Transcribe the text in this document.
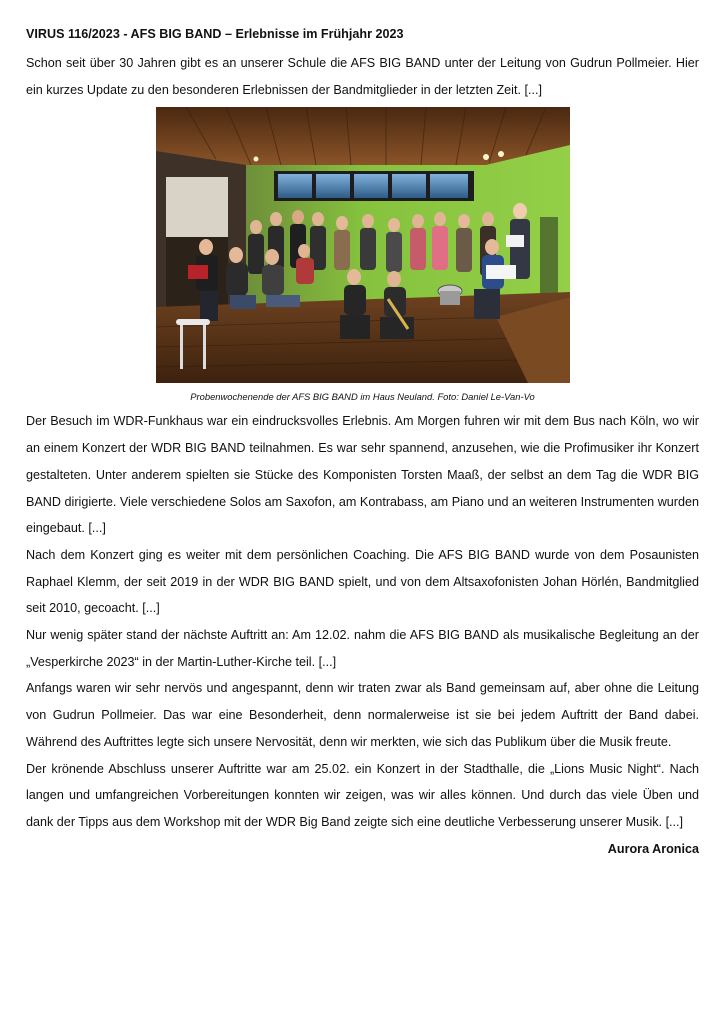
VIRUS 116/2023 - AFS BIG BAND – Erlebnisse im Frühjahr 2023

Schon seit über 30 Jahren gibt es an unserer Schule die AFS BIG BAND unter der Leitung von Gudrun Pollmeier. Hier ein kurzes Update zu den besonderen Erlebnissen der Bandmitglieder in der letzten Zeit. [...]

Probenwochenende der AFS BIG BAND im Haus Neuland. Foto: Daniel Le-Van-Vo

Der Besuch im WDR-Funkhaus war ein eindrucksvolles Erlebnis. Am Morgen fuhren wir mit dem Bus nach Köln, wo wir an einem Konzert der WDR BIG BAND teilnahmen. Es war sehr spannend, anzusehen, wie die Profimusiker ihr Konzert gestalteten. Unter anderem spielten sie Stücke des Komponisten Torsten Maaß, der selbst an dem Tag die WDR BIG BAND dirigierte. Viele verschiedene Solos am Saxofon, am Kontrabass, am Piano und an weiteren Instrumenten wurden eingebaut. [...]

Nach dem Konzert ging es weiter mit dem persönlichen Coaching. Die AFS BIG BAND wurde von dem Posaunisten Raphael Klemm, der seit 2019 in der WDR BIG BAND spielt, und von dem Altsaxofonisten Johan Hörlén, Bandmitglied seit 2010, gecoacht. [...]

Nur wenig später stand der nächste Auftritt an: Am 12.02. nahm die AFS BIG BAND als musikalische Begleitung an der „Vesperkirche 2023“ in der Martin-Luther-Kirche teil. [...]

Anfangs waren wir sehr nervös und angespannt, denn wir traten zwar als Band gemeinsam auf, aber ohne die Leitung von Gudrun Pollmeier. Das war eine Besonderheit, denn normalerweise ist sie bei jedem Auftritt der Band dabei. Während des Auftrittes legte sich unsere Nervosität, denn wir merkten, wie sich das Publikum über die Musik freute.

Der krönende Abschluss unserer Auftritte war am 25.02. ein Konzert in der Stadthalle, die „Lions Music Night“. Nach langen und umfangreichen Vorbereitungen konnten wir zeigen, was wir alles können. Und durch das viele Üben und dank der Tipps aus dem Workshop mit der WDR Big Band zeigte sich eine deutliche Verbesserung unserer Musik. [...]

Aurora Aronica
